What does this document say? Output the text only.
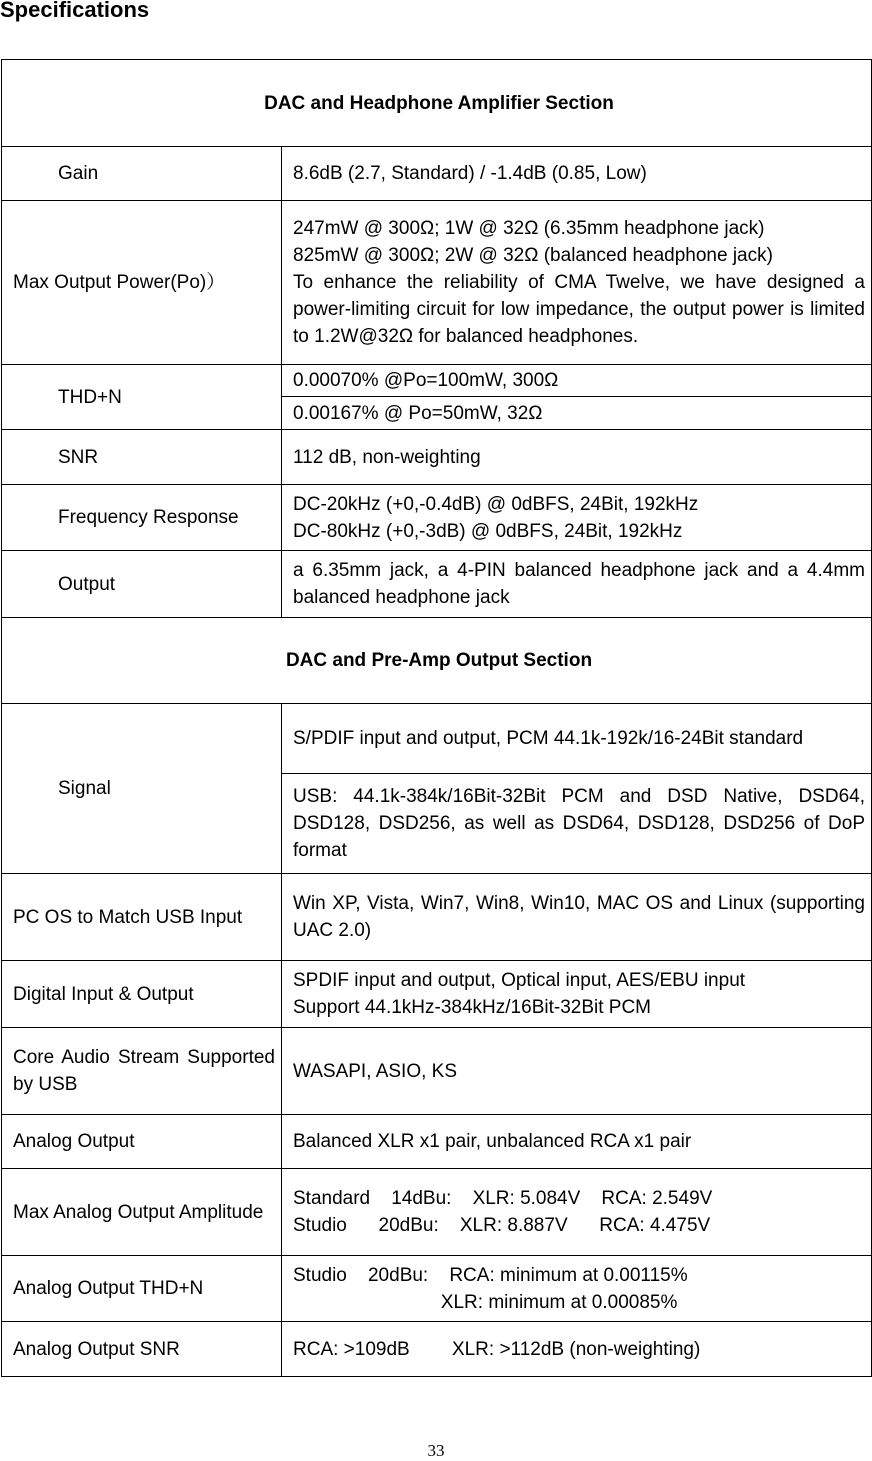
Specifications
DAC and Headphone Amplifier Section	
Gain	8.6dB (2.7, Standard) / -1.4dB (0.85, Low)
Max Output Power(Po)）	247mW @ 300Ω; 1W @ 32Ω (6.35mm headphone jack)
825mW @ 300Ω; 2W @ 32Ω (balanced headphone jack)
To enhance the reliability of CMA Twelve, we have designed a power-limiting circuit for low impedance, the output power is limited to 1.2W@32Ω for balanced headphones.

THD+N	0.00070% @Po=100mW, 300Ω
	0.00167% @ Po=50mW, 32Ω
SNR	112 dB, non-weighting
Frequency Response	DC-20kHz (+0,-0.4dB) @ 0dBFS, 24Bit, 192kHz
DC-80kHz (+0,-3dB) @ 0dBFS, 24Bit, 192kHz

Output	a 6.35mm jack, a 4-PIN balanced headphone jack and a 4.4mm balanced headphone jack
DAC and Pre-Amp Output Section	
Signal	S/PDIF input and output, PCM 44.1k-192k/16-24Bit standard
	USB: 44.1k-384k/16Bit-32Bit PCM and DSD Native, DSD64, DSD128, DSD256, as well as DSD64, DSD128, DSD256 of DoP format
PC OS to Match USB Input	Win XP, Vista, Win7, Win8, Win10, MAC OS and Linux (supporting UAC 2.0)
Digital Input & Output	SPDIF input and output, Optical input, AES/EBU input
Support 44.1kHz-384kHz/16Bit-32Bit PCM

Core Audio Stream Supported by USB	WASAPI, ASIO, KS
Analog Output	Balanced XLR x1 pair, unbalanced RCA x1 pair
Max Analog Output Amplitude	Standard    14dBu:    XLR: 5.084V    RCA: 2.549V
Studio      20dBu:    XLR: 8.887V      RCA: 4.475V

Analog Output THD+N	Studio    20dBu:    RCA: minimum at 0.00115%
XLR: minimum at 0.00085%

Analog Output SNR	RCA: >109dB        XLR: >112dB (non-weighting)
33
